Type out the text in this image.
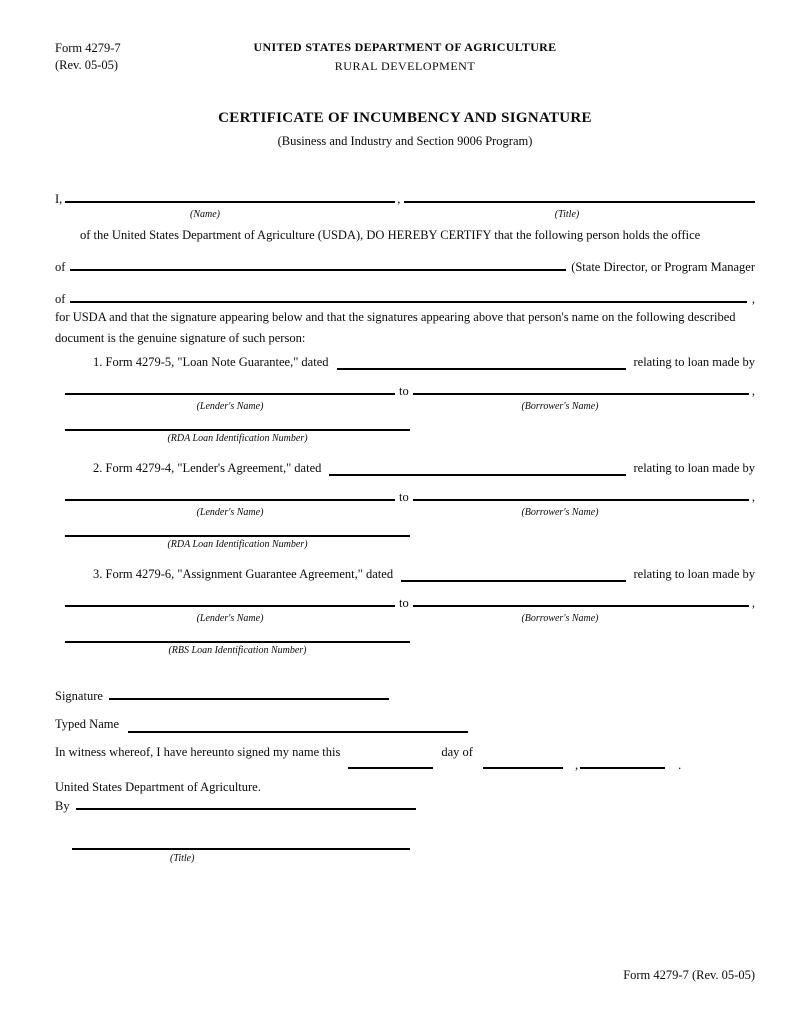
Form 4279-7
(Rev. 05-05)
UNITED STATES DEPARTMENT OF AGRICULTURE
RURAL DEVELOPMENT
CERTIFICATE OF INCUMBENCY AND SIGNATURE
(Business and Industry and Section 9006 Program)
I,	,
(Name)	(Title)

of the United States Department of Agriculture (USDA), DO HEREBY CERTIFY that the following person holds the office

of	(State Director, or Program Manager
of	,

for USDA and that the signature appearing below and that the signatures appearing above that person's name on the following described document is the genuine signature of such person:

1. Form 4279-5, "Loan Note Guarantee," dated	relating to loan made by
to	,
(Lender's Name)	(Borrower's Name)
(RDA Loan Identification Number)
2. Form 4279-4, "Lender's Agreement," dated	relating to loan made by
to	,
(Lender's Name)	(Borrower's Name)
(RDA Loan Identification Number)
3. Form 4279-6, "Assignment Guarantee Agreement," dated	relating to loan made by
to	,
(Lender's Name)	(Borrower's Name)
(RBS Loan Identification Number)
Signature
Typed Name
In witness whereof, I have hereunto signed my name this	day of
,	.

United States Department of Agriculture.

By
(Title)
Form 4279-7 (Rev. 05-05)
